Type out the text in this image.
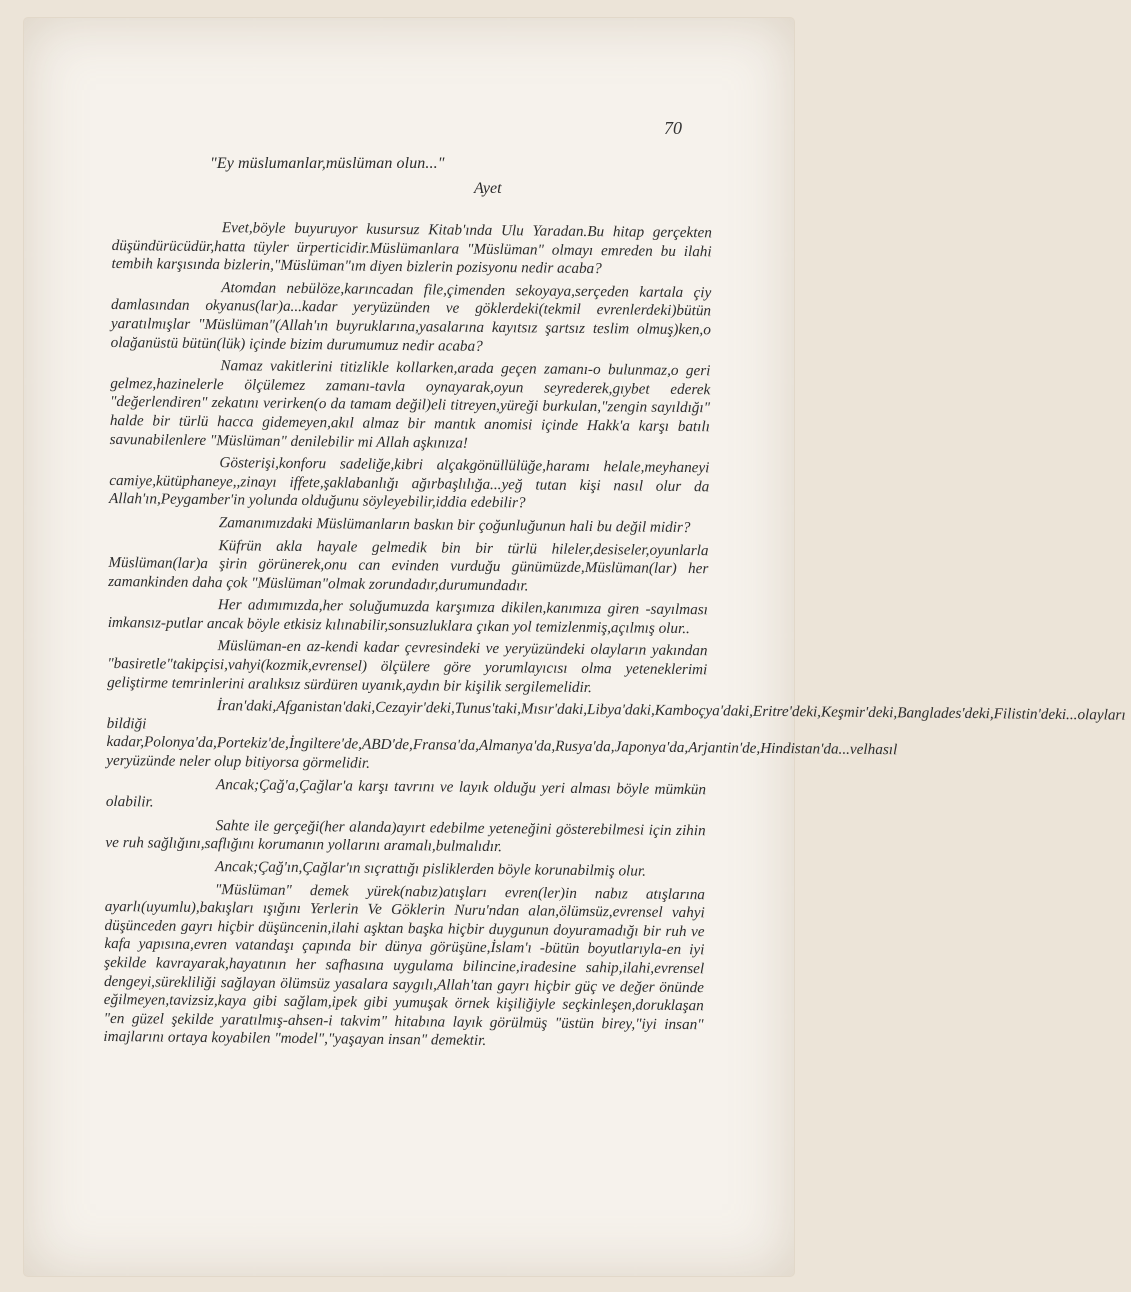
70
"Ey müslumanlar,müslüman olun..."
Ayet

Evet,böyle buyuruyor kusursuz Kitab'ında Ulu Yaradan.Bu hitap gerçekten düşündürücüdür,hatta tüyler ürperticidir.Müslümanlara "Müslüman" olmayı emreden bu ilahi tembih karşısında bizlerin,"Müslüman"ım diyen bizlerin pozisyonu nedir acaba?

Atomdan nebülöze,karıncadan file,çimenden sekoyaya,serçeden kartala çiy damlasından okyanus(lar)a...kadar yeryüzünden ve göklerdeki(tekmil evrenlerdeki)bütün yaratılmışlar "Müslüman"(Allah'ın buyruklarına,yasalarına kayıtsız şartsız teslim olmuş)ken,o olağanüstü bütün(lük) içinde bizim durumumuz nedir acaba?

Namaz vakitlerini titizlikle kollarken,arada geçen zamanı-o bulunmaz,o geri gelmez,hazinelerle ölçülemez zamanı-tavla oynayarak,oyun seyrederek,gıybet ederek "değerlendiren" zekatını verirken(o da tamam değil)eli titreyen,yüreği burkulan,"zengin sayıldığı" halde bir türlü hacca gidemeyen,akıl almaz bir mantık anomisi içinde Hakk'a karşı batılı savunabilenlere "Müslüman" denilebilir mi Allah aşkınıza!

Gösterişi,konforu sadeliğe,kibri alçakgönüllülüğe,haramı helale,meyhaneyi camiye,kütüphaneye,,zinayı iffete,şaklabanlığı ağırbaşlılığa...yeğ tutan kişi nasıl olur da Allah'ın,Peygamber'in yolunda olduğunu söyleyebilir,iddia edebilir?

Zamanımızdaki Müslümanların baskın bir çoğunluğunun hali bu değil midir?

Küfrün akla hayale gelmedik bin bir türlü hileler,desiseler,oyunlarla Müslüman(lar)a şirin görünerek,onu can evinden vurduğu günümüzde,Müslüman(lar) her zamankinden daha çok "Müslüman"olmak zorundadır,durumundadır.

Her adımımızda,her soluğumuzda karşımıza dikilen,kanımıza giren -sayılması imkansız-putlar ancak böyle etkisiz kılınabilir,sonsuzluklara çıkan yol temizlenmiş,açılmış olur..

Müslüman-en az-kendi kadar çevresindeki ve yeryüzündeki olayların yakından "basiretle"takipçisi,vahyi(kozmik,evrensel) ölçülere göre yorumlayıcısı olma yeteneklerimi geliştirme temrinlerini aralıksız sürdüren uyanık,aydın bir kişilik sergilemelidir.

İran'daki,Afganistan'daki,Cezayir'deki,Tunus'taki,Mısır'daki,Libya'daki,Kamboçya'daki,Eritre'deki,Keşmir'deki,Banglades'deki,Filistin'deki...olayları bildiği kadar,Polonya'da,Portekiz'de,İngiltere'de,ABD'de,Fransa'da,Almanya'da,Rusya'da,Japonya'da,Arjantin'de,Hindistan'da...velhasıl yeryüzünde neler olup bitiyorsa görmelidir.

Ancak;Çağ'a,Çağlar'a karşı tavrını ve layık olduğu yeri alması böyle mümkün olabilir.

Sahte ile gerçeği(her alanda)ayırt edebilme yeteneğini gösterebilmesi için zihin ve ruh sağlığını,saflığını korumanın yollarını aramalı,bulmalıdır.

Ancak;Çağ'ın,Çağlar'ın sıçrattığı pisliklerden böyle korunabilmiş olur.

"Müslüman" demek yürek(nabız)atışları evren(ler)in nabız atışlarına ayarlı(uyumlu),bakışları ışığını Yerlerin Ve Göklerin Nuru'ndan alan,ölümsüz,evrensel vahyi düşünceden gayrı hiçbir düşüncenin,ilahi aşktan başka hiçbir duygunun doyuramadığı bir ruh ve kafa yapısına,evren vatandaşı çapında bir dünya görüşüne,İslam'ı -bütün boyutlarıyla-en iyi şekilde kavrayarak,hayatının her safhasına uygulama bilincine,iradesine sahip,ilahi,evrensel dengeyi,sürekliliği sağlayan ölümsüz yasalara saygılı,Allah'tan gayrı hiçbir güç ve değer önünde eğilmeyen,tavizsiz,kaya gibi sağlam,ipek gibi yumuşak örnek kişiliğiyle seçkinleşen,doruklaşan "en güzel şekilde yaratılmış-ahsen-i takvim" hitabına layık görülmüş "üstün birey,"iyi insan" imajlarını ortaya koyabilen "model","yaşayan insan" demektir.
